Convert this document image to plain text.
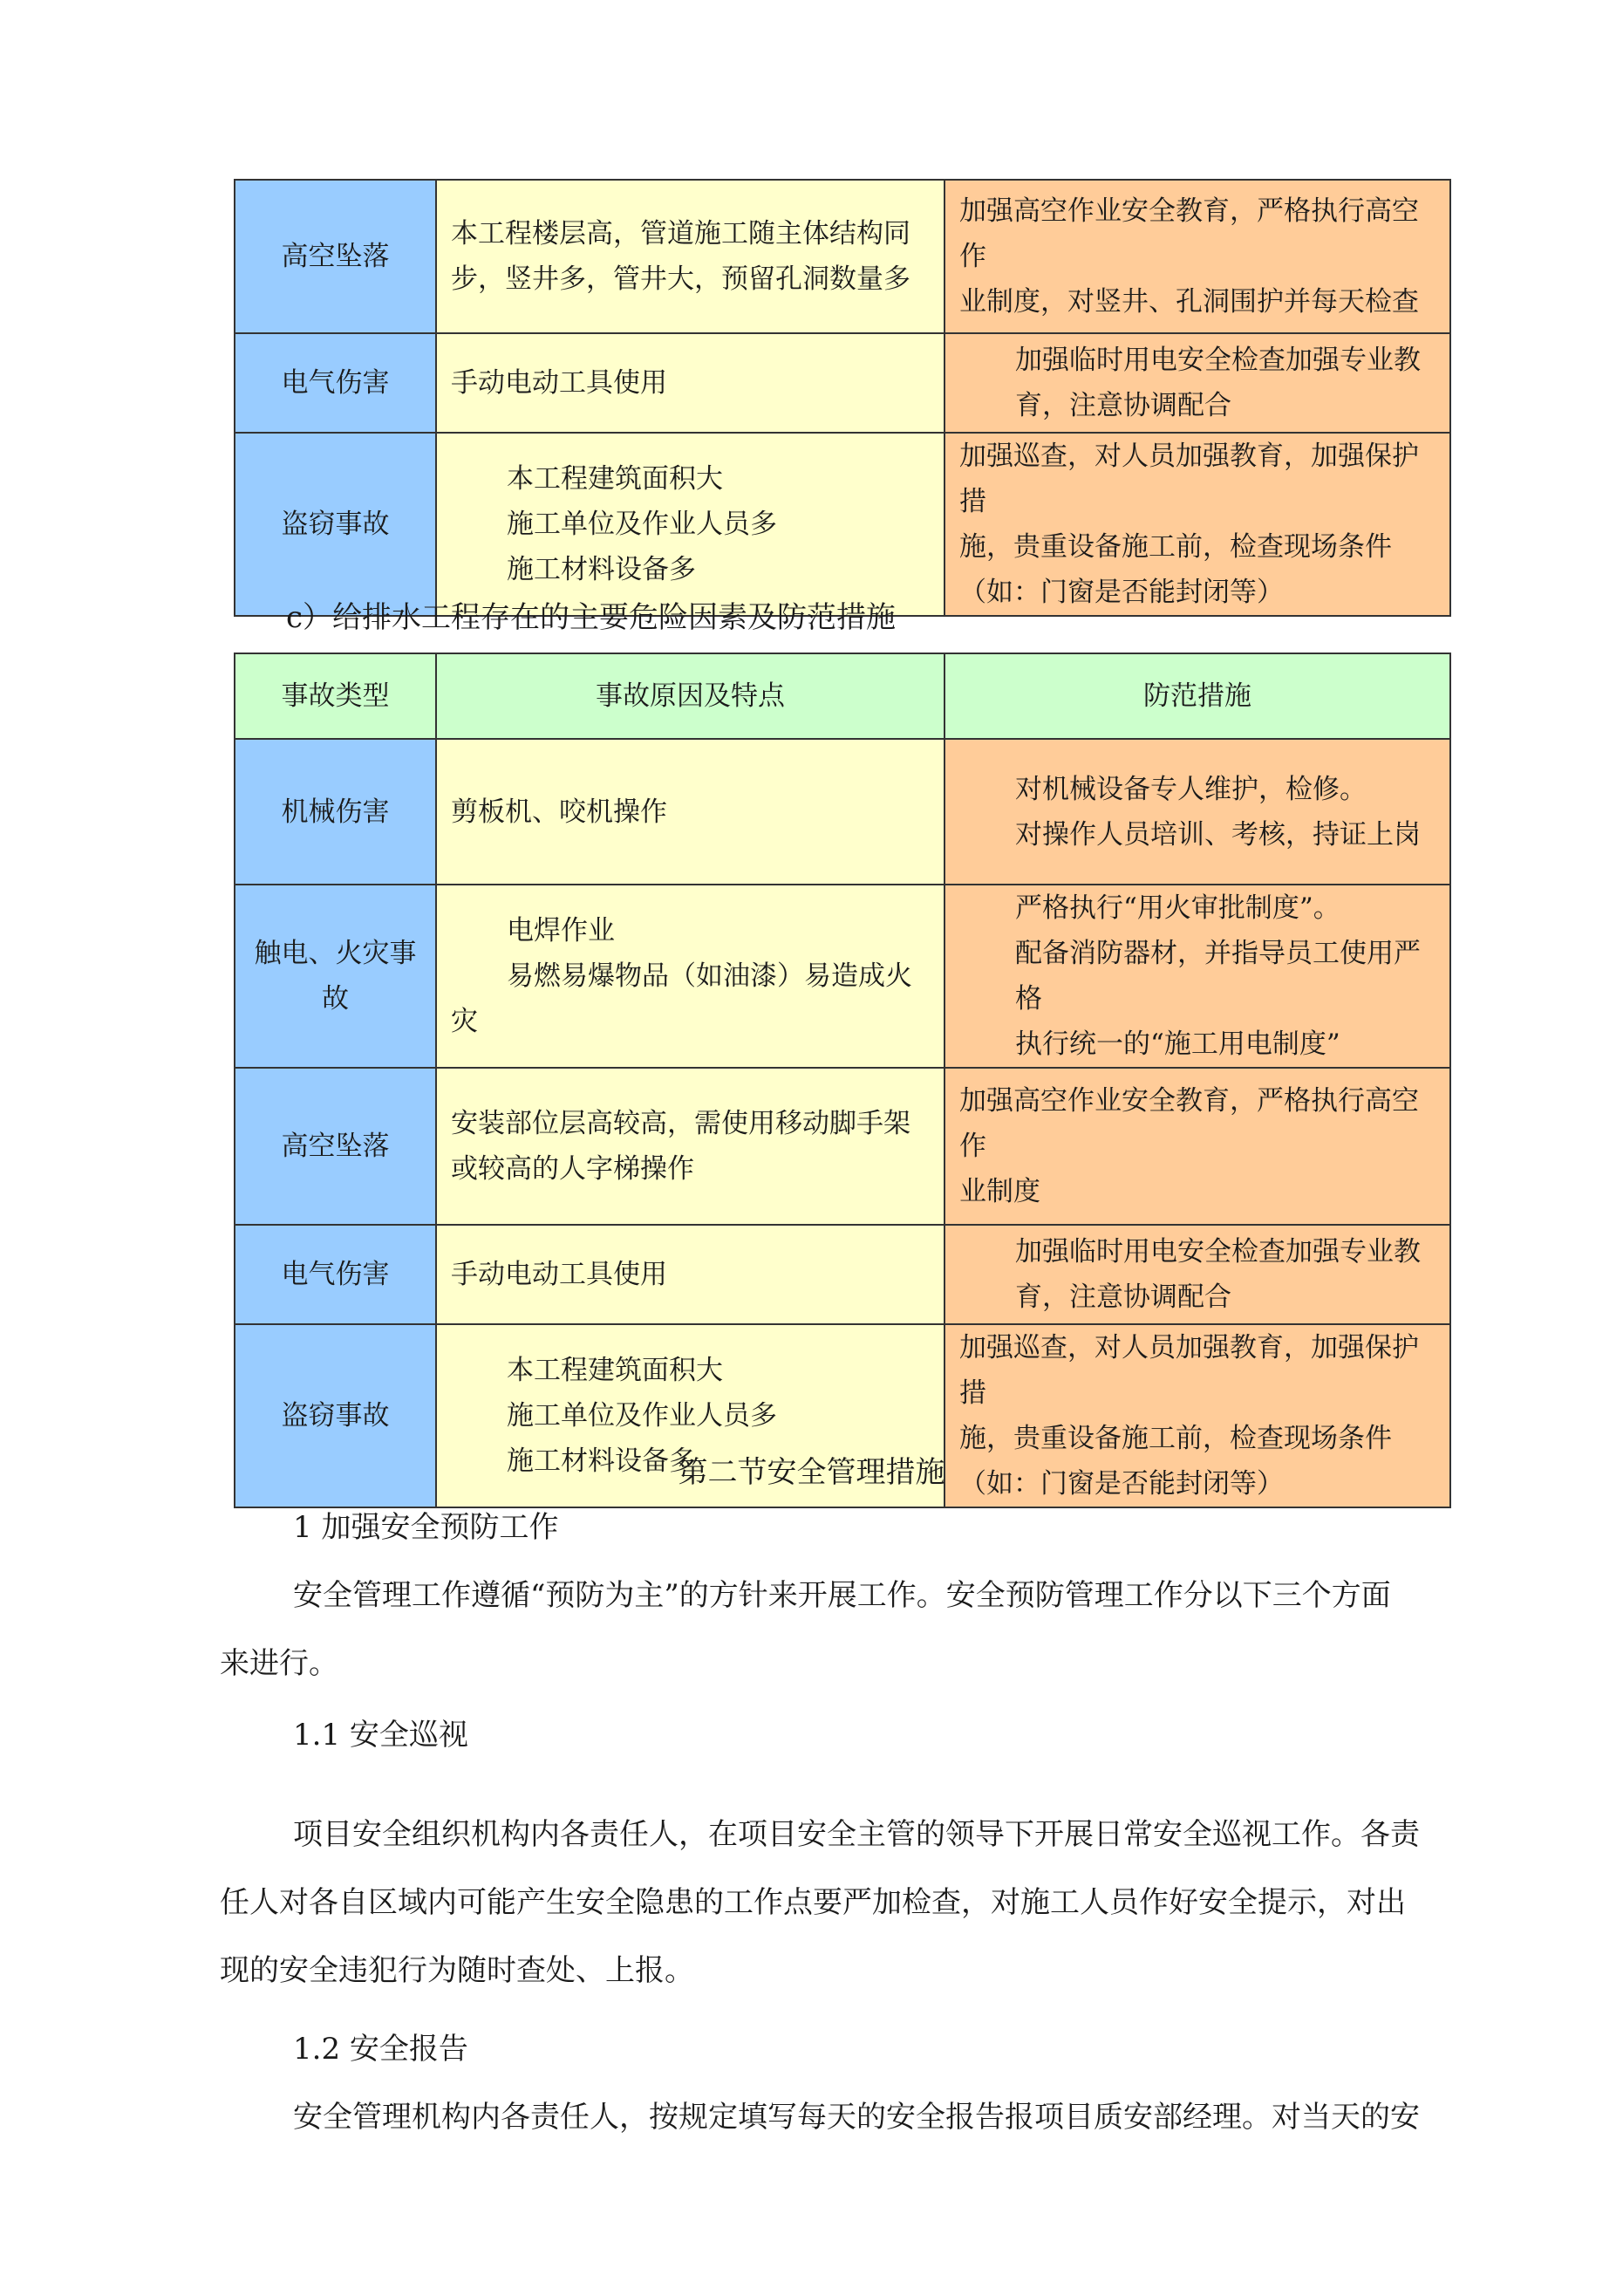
高空坠落	本工程楼层高，管道施工随主体结构同
步，竖井多，管井大，预留孔洞数量多	加强高空作业安全教育，严格执行高空作
业制度，对竖井、孔洞围护并每天检查

电气伤害	手动电动工具使用	加强临时用电安全检查加强专业教
育，注意协调配合

盗窃事故	本工程建筑面积大
施工单位及作业人员多
施工材料设备多	加强巡查，对人员加强教育，加强保护措
施，贵重设备施工前，检查现场条件
（如：门窗是否能封闭等）
c）给排水工程存在的主要危险因素及防范措施
事故类型	事故原因及特点	防范措施
机械伤害	剪板机、咬机操作	对机械设备专人维护，检修。
对操作人员培训、考核，持证上岗

触电、火灾事故	电焊作业
易燃易爆物品（如油漆）易造成火
灾	严格执行“用火审批制度”。
配备消防器材，并指导员工使用严格
执行统一的“施工用电制度”

高空坠落	安装部位层高较高，需使用移动脚手架
或较高的人字梯操作	加强高空作业安全教育，严格执行高空作
业制度

电气伤害	手动电动工具使用	加强临时用电安全检查加强专业教
育，注意协调配合

盗窃事故	本工程建筑面积大
施工单位及作业人员多
施工材料设备多	加强巡查，对人员加强教育，加强保护措
施，贵重设备施工前，检查现场条件
（如：门窗是否能封闭等）
第二节安全管理措施
1 加强安全预防工作
安全管理工作遵循“预防为主”的方针来开展工作。安全预防管理工作分以下三个方面
来进行。
1.1 安全巡视
项目安全组织机构内各责任人，在项目安全主管的领导下开展日常安全巡视工作。各责
任人对各自区域内可能产生安全隐患的工作点要严加检查，对施工人员作好安全提示，对出
现的安全违犯行为随时查处、上报。
1.2 安全报告
安全管理机构内各责任人，按规定填写每天的安全报告报项目质安部经理。对当天的安
